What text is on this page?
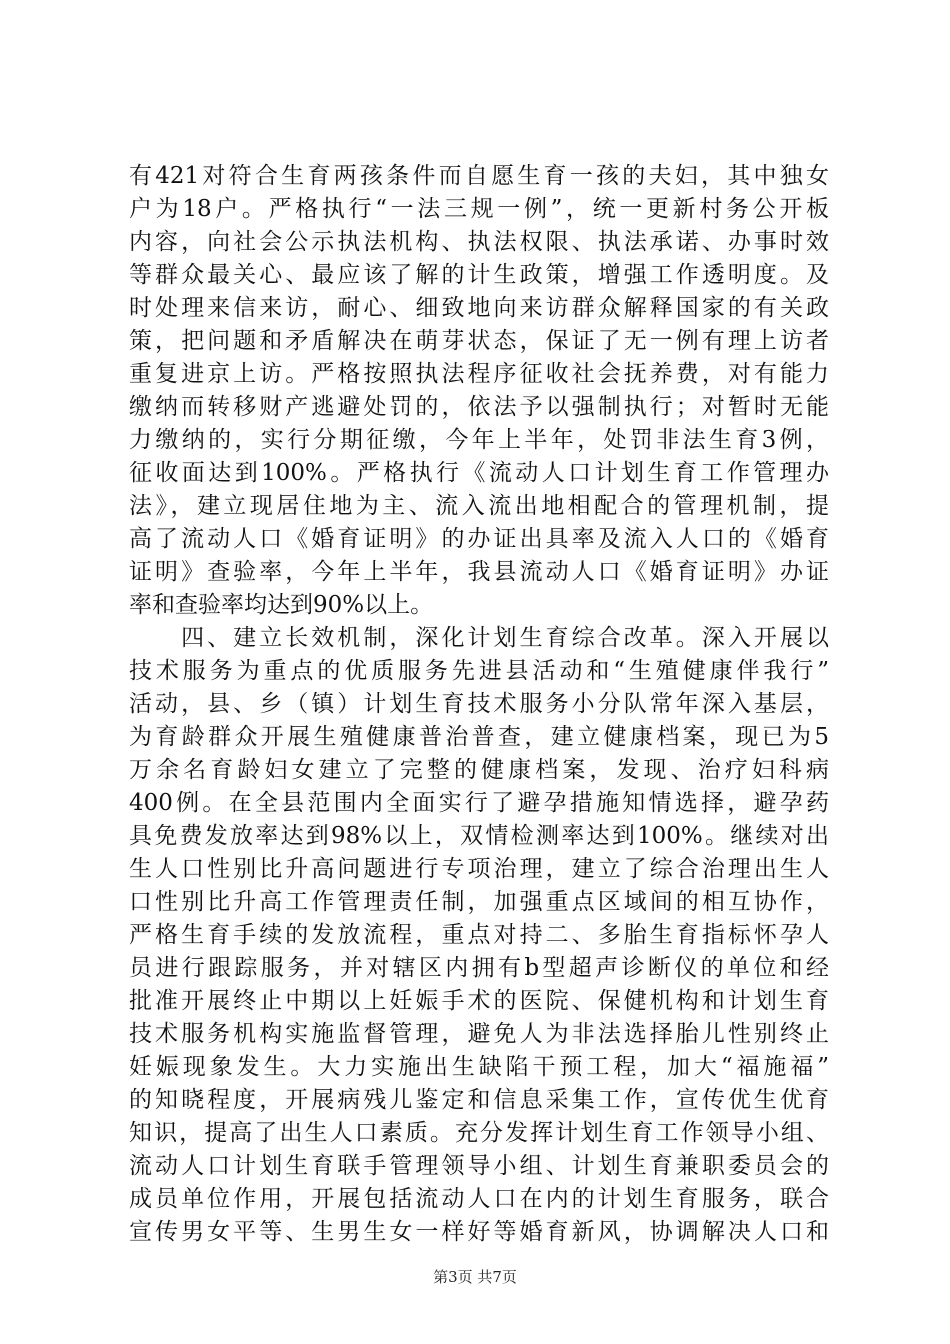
有421对符合生育两孩条件而自愿生育一孩的夫妇，其中独女
户为18户。严格执行“一法三规一例”，统一更新村务公开板
内容，向社会公示执法机构、执法权限、执法承诺、办事时效
等群众最关心、最应该了解的计生政策，增强工作透明度。及
时处理来信来访，耐心、细致地向来访群众解释国家的有关政
策，把问题和矛盾解决在萌芽状态，保证了无一例有理上访者
重复进京上访。严格按照执法程序征收社会抚养费，对有能力
缴纳而转移财产逃避处罚的，依法予以强制执行；对暂时无能
力缴纳的，实行分期征缴，今年上半年，处罚非法生育3例，
征收面达到100%。严格执行《流动人口计划生育工作管理办
法》，建立现居住地为主、流入流出地相配合的管理机制，提
高了流动人口《婚育证明》的办证出具率及流入人口的《婚育
证明》查验率，今年上半年，我县流动人口《婚育证明》办证
率和查验率均达到90%以上。
　　四、建立长效机制，深化计划生育综合改革。深入开展以
技术服务为重点的优质服务先进县活动和“生殖健康伴我行”
活动，县、乡（镇）计划生育技术服务小分队常年深入基层，
为育龄群众开展生殖健康普治普查，建立健康档案，现已为5
万余名育龄妇女建立了完整的健康档案，发现、治疗妇科病
400例。在全县范围内全面实行了避孕措施知情选择，避孕药
具免费发放率达到98%以上，双情检测率达到100%。继续对出
生人口性别比升高问题进行专项治理，建立了综合治理出生人
口性别比升高工作管理责任制，加强重点区域间的相互协作，
严格生育手续的发放流程，重点对持二、多胎生育指标怀孕人
员进行跟踪服务，并对辖区内拥有b型超声诊断仪的单位和经
批准开展终止中期以上妊娠手术的医院、保健机构和计划生育
技术服务机构实施监督管理，避免人为非法选择胎儿性别终止
妊娠现象发生。大力实施出生缺陷干预工程，加大“福施福”
的知晓程度，开展病残儿鉴定和信息采集工作，宣传优生优育
知识，提高了出生人口素质。充分发挥计划生育工作领导小组、
流动人口计划生育联手管理领导小组、计划生育兼职委员会的
成员单位作用，开展包括流动人口在内的计划生育服务，联合
宣传男女平等、生男生女一样好等婚育新风，协调解决人口和
第3页 共7页
